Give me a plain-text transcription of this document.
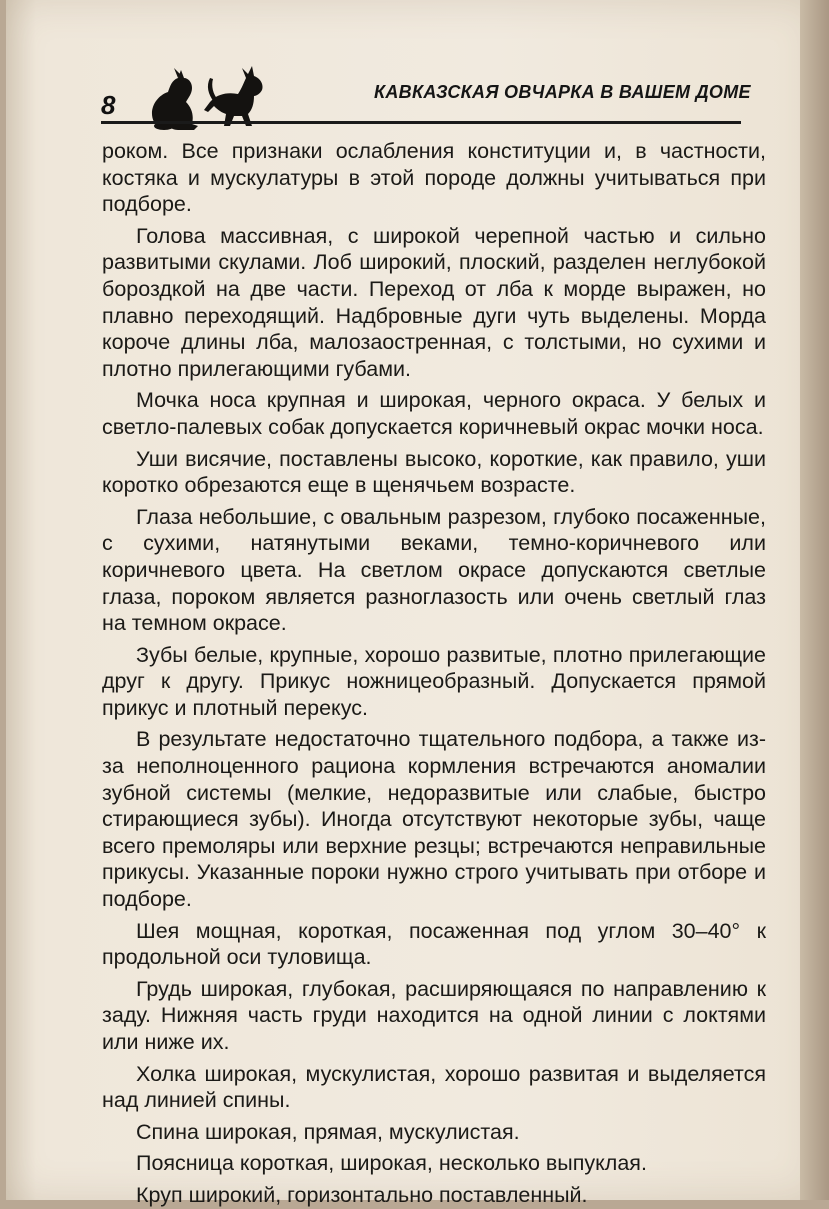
8	КАВКАЗСКАЯ ОВЧАРКА В ВАШЕМ ДОМЕ

роком. Все признаки ослабления конституции и, в частности, костяка и мускулатуры в этой породе должны учитываться при подборе.

Голова массивная, с широкой черепной частью и сильно развитыми скулами. Лоб широкий, плоский, разделен неглубокой бороздкой на две части. Переход от лба к морде выражен, но плавно переходящий. Надбровные дуги чуть выделены. Морда короче длины лба, малозаостренная, с толстыми, но сухими и плотно прилегающими губами.

Мочка носа крупная и широкая, черного окраса. У белых и светло-палевых собак допускается коричневый окрас мочки носа.

Уши висячие, поставлены высоко, короткие, как правило, уши коротко обрезаются еще в щенячьем возрасте.

Глаза небольшие, с овальным разрезом, глубоко посаженные, с сухими, натянутыми веками, темно-коричневого или коричневого цвета. На светлом окрасе допускаются светлые глаза, пороком является разноглазость или очень светлый глаз на темном окрасе.

Зубы белые, крупные, хорошо развитые, плотно прилегающие друг к другу. Прикус ножницеобразный. Допускается прямой прикус и плотный перекус.

В результате недостаточно тщательного подбора, а также из-за неполноценного рациона кормления встречаются аномалии зубной системы (мелкие, недоразвитые или слабые, быстро стирающиеся зубы). Иногда отсутствуют некоторые зубы, чаще всего премоляры или верхние резцы; встречаются неправильные прикусы. Указанные пороки нужно строго учитывать при отборе и подборе.

Шея мощная, короткая, посаженная под углом 30–40° к продольной оси туловища.

Грудь широкая, глубокая, расширяющаяся по направлению к заду. Нижняя часть груди находится на одной линии с локтями или ниже их.

Холка широкая, мускулистая, хорошо развитая и выделяется над линией спины.

Спина широкая, прямая, мускулистая.

Поясница короткая, широкая, несколько выпуклая.

Круп широкий, горизонтально поставленный.
